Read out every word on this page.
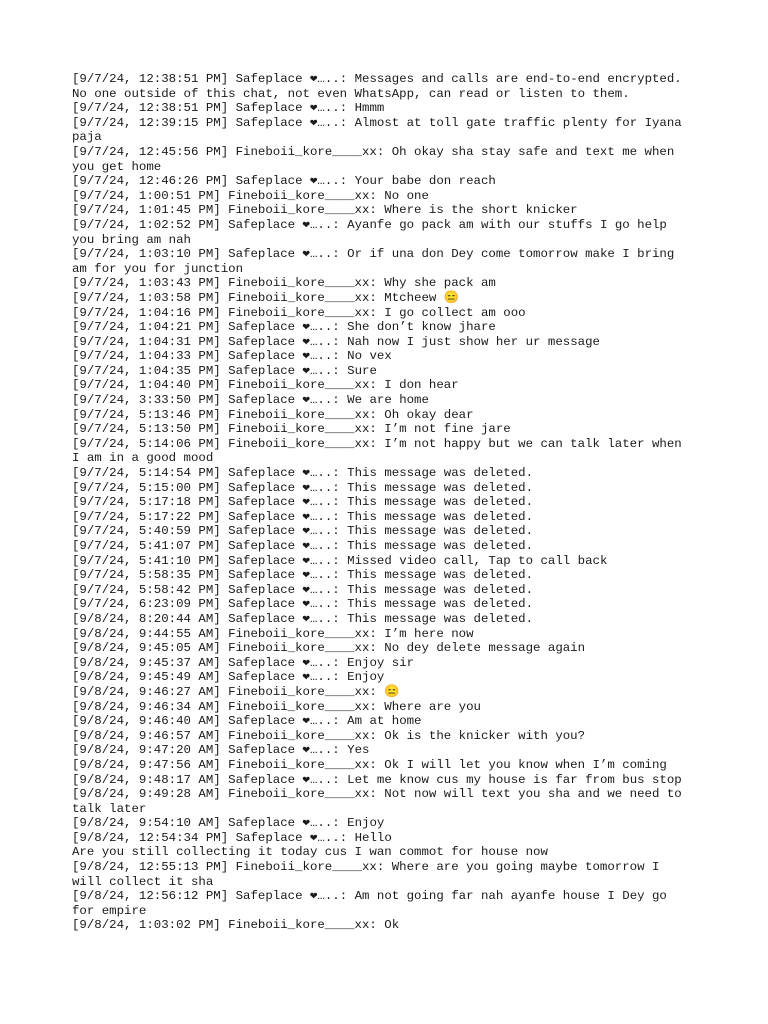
[9/7/24, 12:38:51 PM] Safeplace ❤…..: Messages and calls are end-to-end encrypted. No one outside of this chat, not even WhatsApp, can read or listen to them.
[9/7/24, 12:38:51 PM] Safeplace ❤…..: Hmmm
[9/7/24, 12:39:15 PM] Safeplace ❤…..: Almost at toll gate traffic plenty for Iyana paja
[9/7/24, 12:45:56 PM] Fineboii_kore____xx: Oh okay sha stay safe and text me when you get home
[9/7/24, 12:46:26 PM] Safeplace ❤…..: Your babe don reach
[9/7/24, 1:00:51 PM] Fineboii_kore____xx: No one
[9/7/24, 1:01:45 PM] Fineboii_kore____xx: Where is the short knicker
[9/7/24, 1:02:52 PM] Safeplace ❤…..: Ayanfe go pack am with our stuffs I go help you bring am nah
[9/7/24, 1:03:10 PM] Safeplace ❤…..: Or if una don Dey come tomorrow make I bring am for you for junction
[9/7/24, 1:03:43 PM] Fineboii_kore____xx: Why she pack am
[9/7/24, 1:03:58 PM] Fineboii_kore____xx: Mtcheew 😑
[9/7/24, 1:04:16 PM] Fineboii_kore____xx: I go collect am ooo
[9/7/24, 1:04:21 PM] Safeplace ❤…..: She don’t know jhare
[9/7/24, 1:04:31 PM] Safeplace ❤…..: Nah now I just show her ur message
[9/7/24, 1:04:33 PM] Safeplace ❤…..: No vex
[9/7/24, 1:04:35 PM] Safeplace ❤…..: Sure
[9/7/24, 1:04:40 PM] Fineboii_kore____xx: I don hear
[9/7/24, 3:33:50 PM] Safeplace ❤…..: We are home
[9/7/24, 5:13:46 PM] Fineboii_kore____xx: Oh okay dear
[9/7/24, 5:13:50 PM] Fineboii_kore____xx: I’m not fine jare
[9/7/24, 5:14:06 PM] Fineboii_kore____xx: I’m not happy but we can talk later when I am in a good mood
[9/7/24, 5:14:54 PM] Safeplace ❤…..: This message was deleted.
[9/7/24, 5:15:00 PM] Safeplace ❤…..: This message was deleted.
[9/7/24, 5:17:18 PM] Safeplace ❤…..: This message was deleted.
[9/7/24, 5:17:22 PM] Safeplace ❤…..: This message was deleted.
[9/7/24, 5:40:59 PM] Safeplace ❤…..: This message was deleted.
[9/7/24, 5:41:07 PM] Safeplace ❤…..: This message was deleted.
[9/7/24, 5:41:10 PM] Safeplace ❤…..: Missed video call, Tap to call back
[9/7/24, 5:58:35 PM] Safeplace ❤…..: This message was deleted.
[9/7/24, 5:58:42 PM] Safeplace ❤…..: This message was deleted.
[9/7/24, 6:23:09 PM] Safeplace ❤…..: This message was deleted.
[9/8/24, 8:20:44 AM] Safeplace ❤…..: This message was deleted.
[9/8/24, 9:44:55 AM] Fineboii_kore____xx: I’m here now
[9/8/24, 9:45:05 AM] Fineboii_kore____xx: No dey delete message again
[9/8/24, 9:45:37 AM] Safeplace ❤…..: Enjoy sir
[9/8/24, 9:45:49 AM] Safeplace ❤…..: Enjoy
[9/8/24, 9:46:27 AM] Fineboii_kore____xx: 😑
[9/8/24, 9:46:34 AM] Fineboii_kore____xx: Where are you
[9/8/24, 9:46:40 AM] Safeplace ❤…..: Am at home
[9/8/24, 9:46:57 AM] Fineboii_kore____xx: Ok is the knicker with you?
[9/8/24, 9:47:20 AM] Safeplace ❤…..: Yes
[9/8/24, 9:47:56 AM] Fineboii_kore____xx: Ok I will let you know when I’m coming
[9/8/24, 9:48:17 AM] Safeplace ❤…..: Let me know cus my house is far from bus stop
[9/8/24, 9:49:28 AM] Fineboii_kore____xx: Not now will text you sha and we need to talk later
[9/8/24, 9:54:10 AM] Safeplace ❤…..: Enjoy
[9/8/24, 12:54:34 PM] Safeplace ❤…..: Hello
Are you still collecting it today cus I wan commot for house now
[9/8/24, 12:55:13 PM] Fineboii_kore____xx: Where are you going maybe tomorrow I will collect it sha
[9/8/24, 12:56:12 PM] Safeplace ❤…..: Am not going far nah ayanfe house I Dey go for empire
[9/8/24, 1:03:02 PM] Fineboii_kore____xx: Ok
